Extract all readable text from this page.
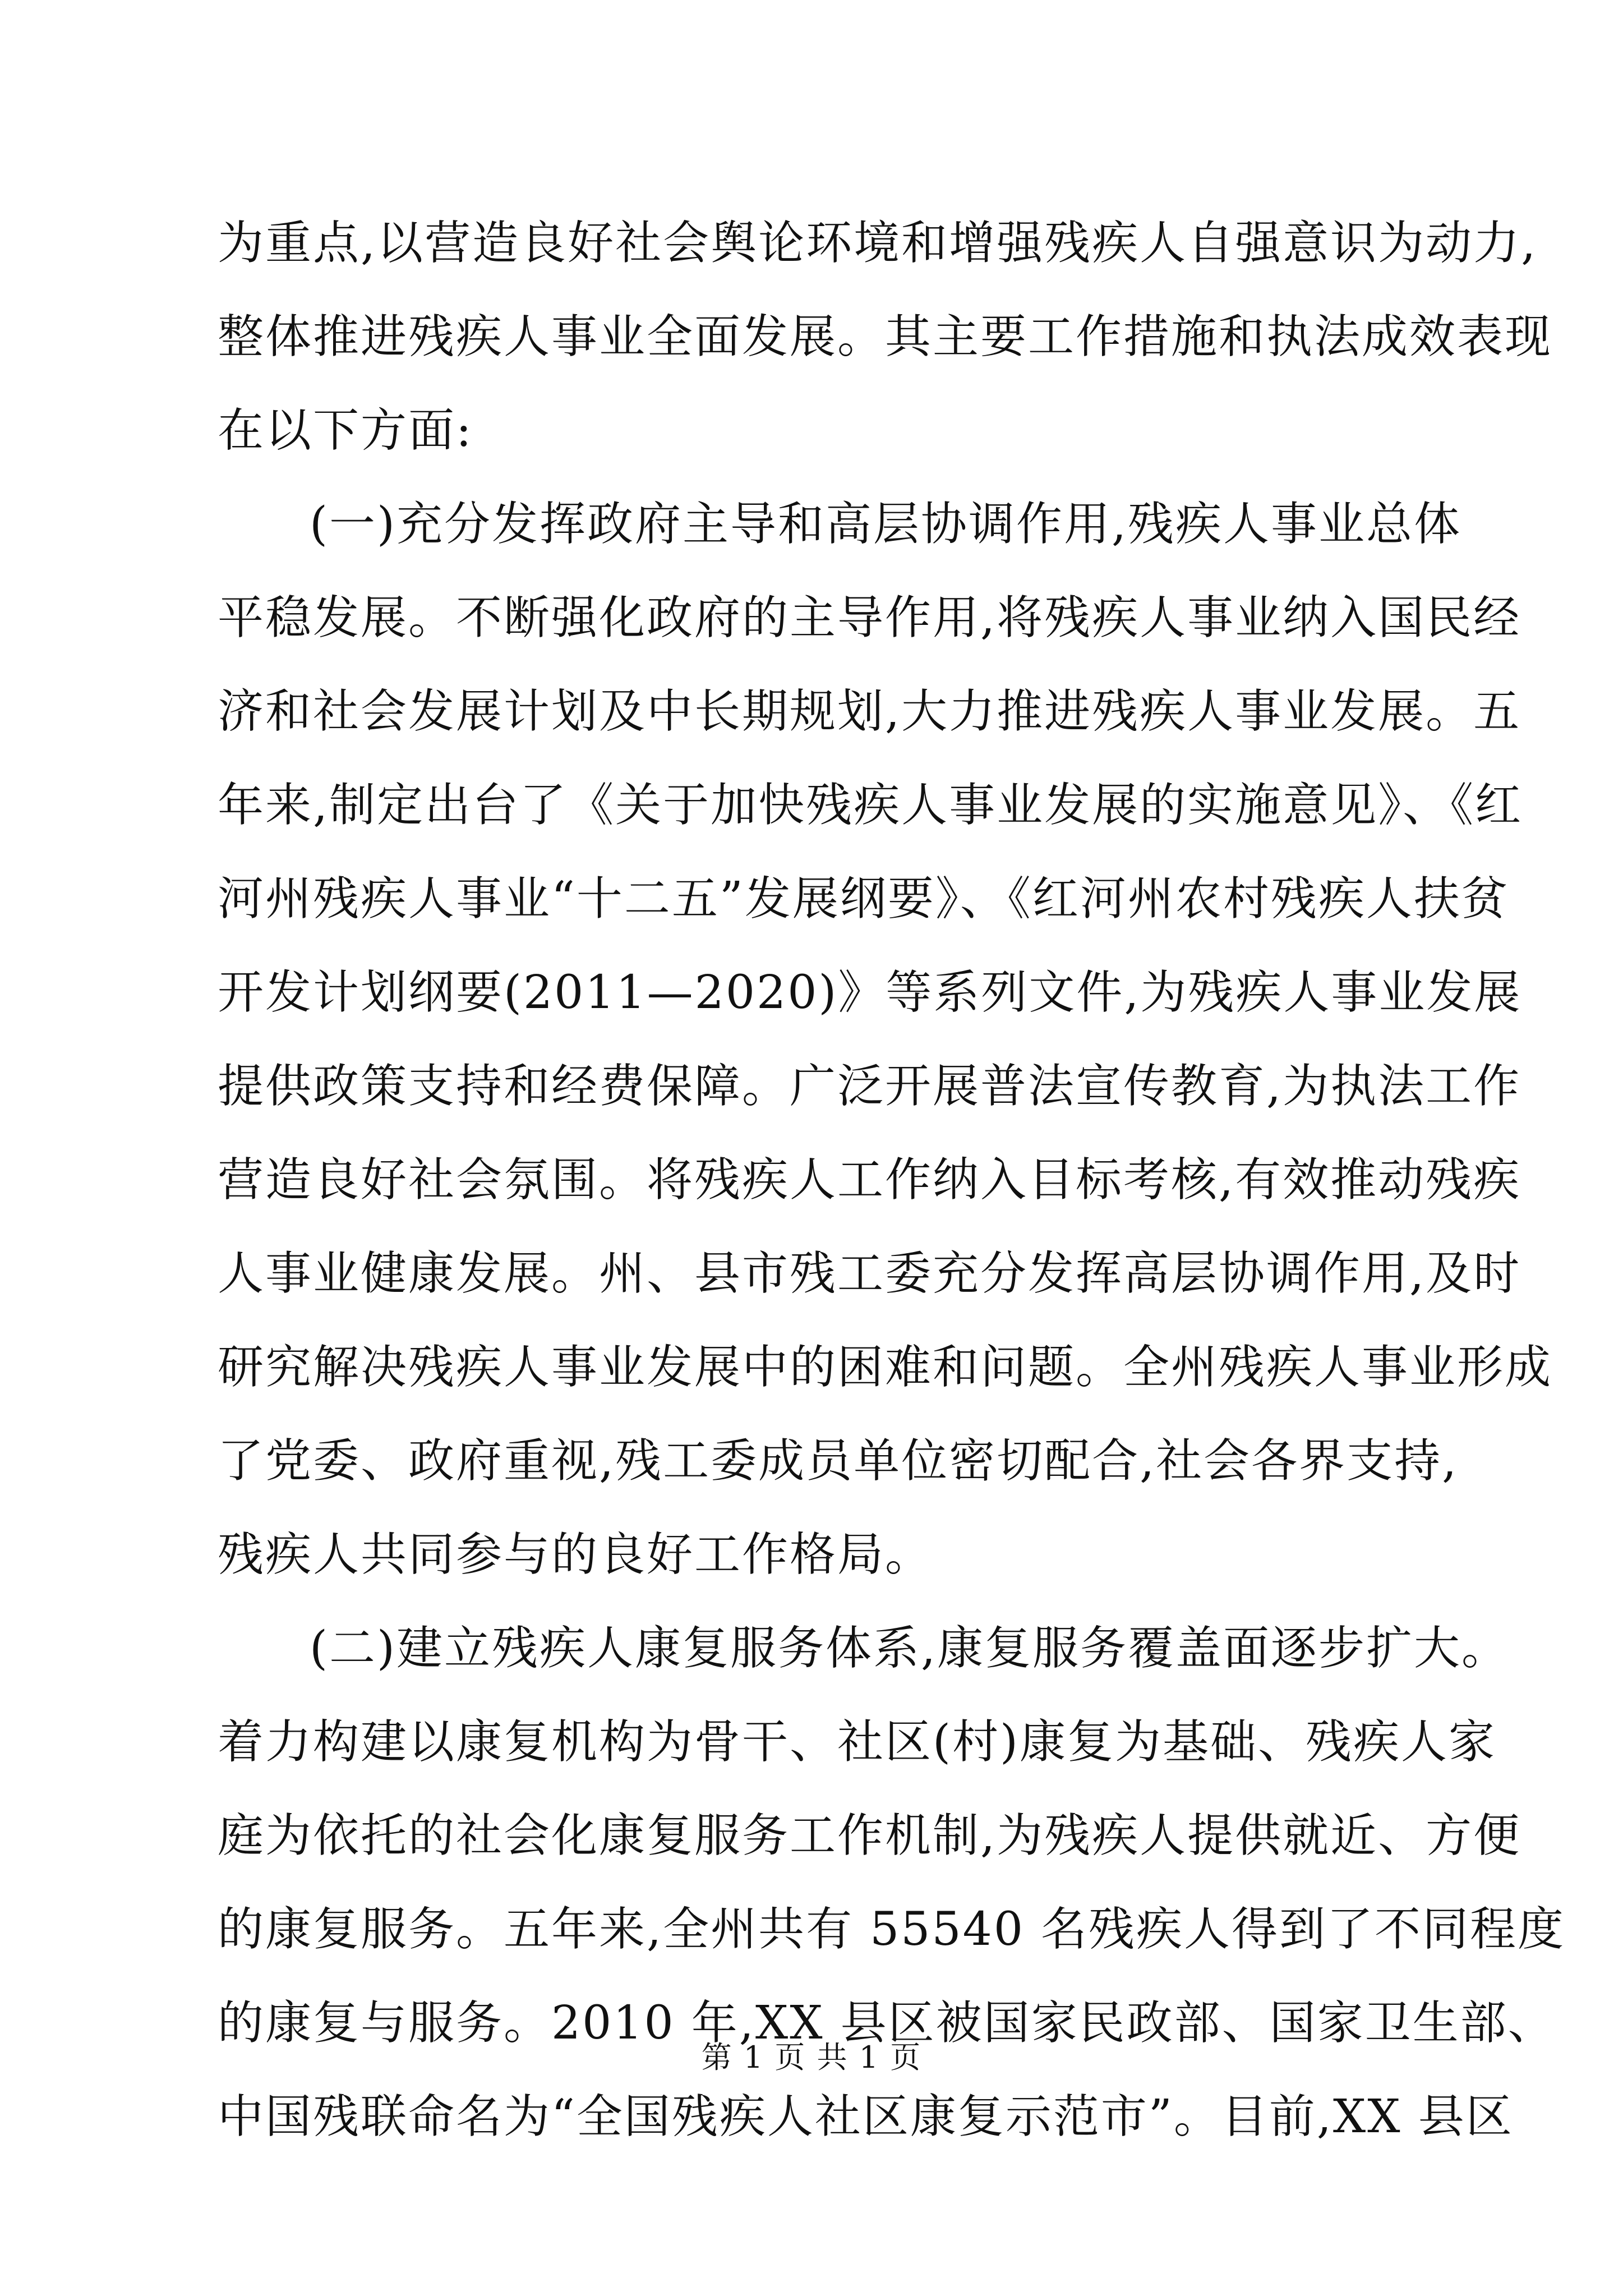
为重点,以营造良好社会舆论环境和增强残疾人自强意识为动力,
整体推进残疾人事业全面发展。其主要工作措施和执法成效表现
在以下方面:
(一)充分发挥政府主导和高层协调作用,残疾人事业总体
平稳发展。不断强化政府的主导作用,将残疾人事业纳入国民经
济和社会发展计划及中长期规划,大力推进残疾人事业发展。五
年来,制定出台了《关于加快残疾人事业发展的实施意见》、《红
河州残疾人事业“十二五”发展纲要》、《红河州农村残疾人扶贫
开发计划纲要(2011—2020)》等系列文件,为残疾人事业发展
提供政策支持和经费保障。广泛开展普法宣传教育,为执法工作
营造良好社会氛围。将残疾人工作纳入目标考核,有效推动残疾
人事业健康发展。州、县市残工委充分发挥高层协调作用,及时
研究解决残疾人事业发展中的困难和问题。全州残疾人事业形成
了党委、政府重视,残工委成员单位密切配合,社会各界支持,
残疾人共同参与的良好工作格局。
(二)建立残疾人康复服务体系,康复服务覆盖面逐步扩大。
着力构建以康复机构为骨干、社区(村)康复为基础、残疾人家
庭为依托的社会化康复服务工作机制,为残疾人提供就近、方便
的康复服务。五年来,全州共有 55540 名残疾人得到了不同程度
的康复与服务。2010 年,XX 县区被国家民政部、国家卫生部、
中国残联命名为“全国残疾人社区康复示范市”。目前,XX 县区
第 1 页 共 1 页
